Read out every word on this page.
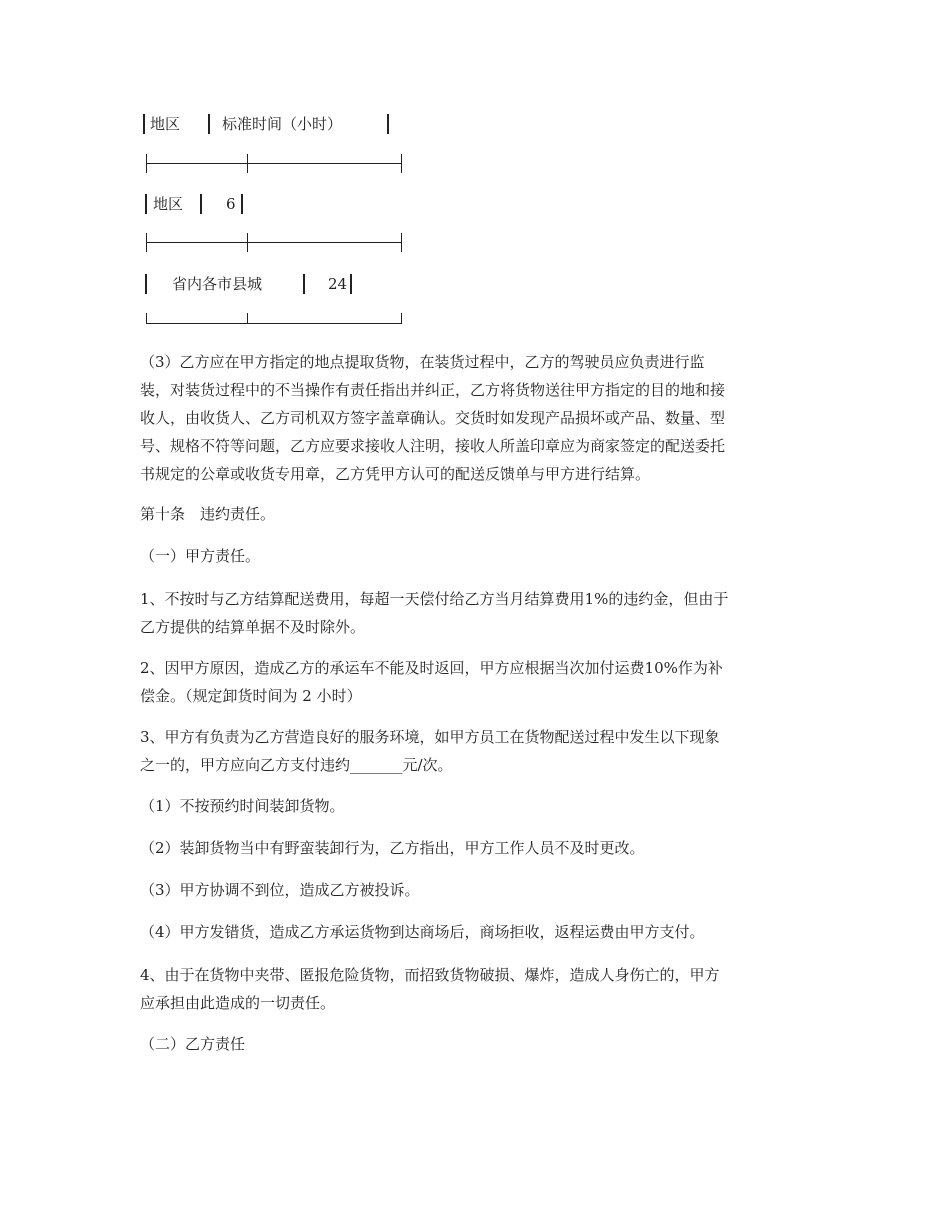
地区	标准时间（小时）
地区	6
省内各市县城	24

（3）乙方应在甲方指定的地点提取货物，在装货过程中，乙方的驾驶员应负责进行监
装，对装货过程中的不当操作有责任指出并纠正，乙方将货物送往甲方指定的目的地和接
收人，由收货人、乙方司机双方签字盖章确认。交货时如发现产品损坏或产品、数量、型
号、规格不符等问题，乙方应要求接收人注明，接收人所盖印章应为商家签定的配送委托
书规定的公章或收货专用章，乙方凭甲方认可的配送反馈单与甲方进行结算。

第十条　违约责任。

（一）甲方责任。

1、不按时与乙方结算配送费用，每超一天偿付给乙方当月结算费用1%的违约金，但由于
乙方提供的结算单据不及时除外。

2、因甲方原因，造成乙方的承运车不能及时返回，甲方应根据当次加付运费10%作为补
偿金。（规定卸货时间为 2 小时）

3、甲方有负责为乙方营造良好的服务环境，如甲方员工在货物配送过程中发生以下现象
之一的，甲方应向乙方支付违约_______元/次。

（1）不按预约时间装卸货物。

（2）装卸货物当中有野蛮装卸行为，乙方指出，甲方工作人员不及时更改。

（3）甲方协调不到位，造成乙方被投诉。

（4）甲方发错货，造成乙方承运货物到达商场后，商场拒收，返程运费由甲方支付。

4、由于在货物中夹带、匿报危险货物，而招致货物破损、爆炸，造成人身伤亡的，甲方
应承担由此造成的一切责任。

（二）乙方责任
